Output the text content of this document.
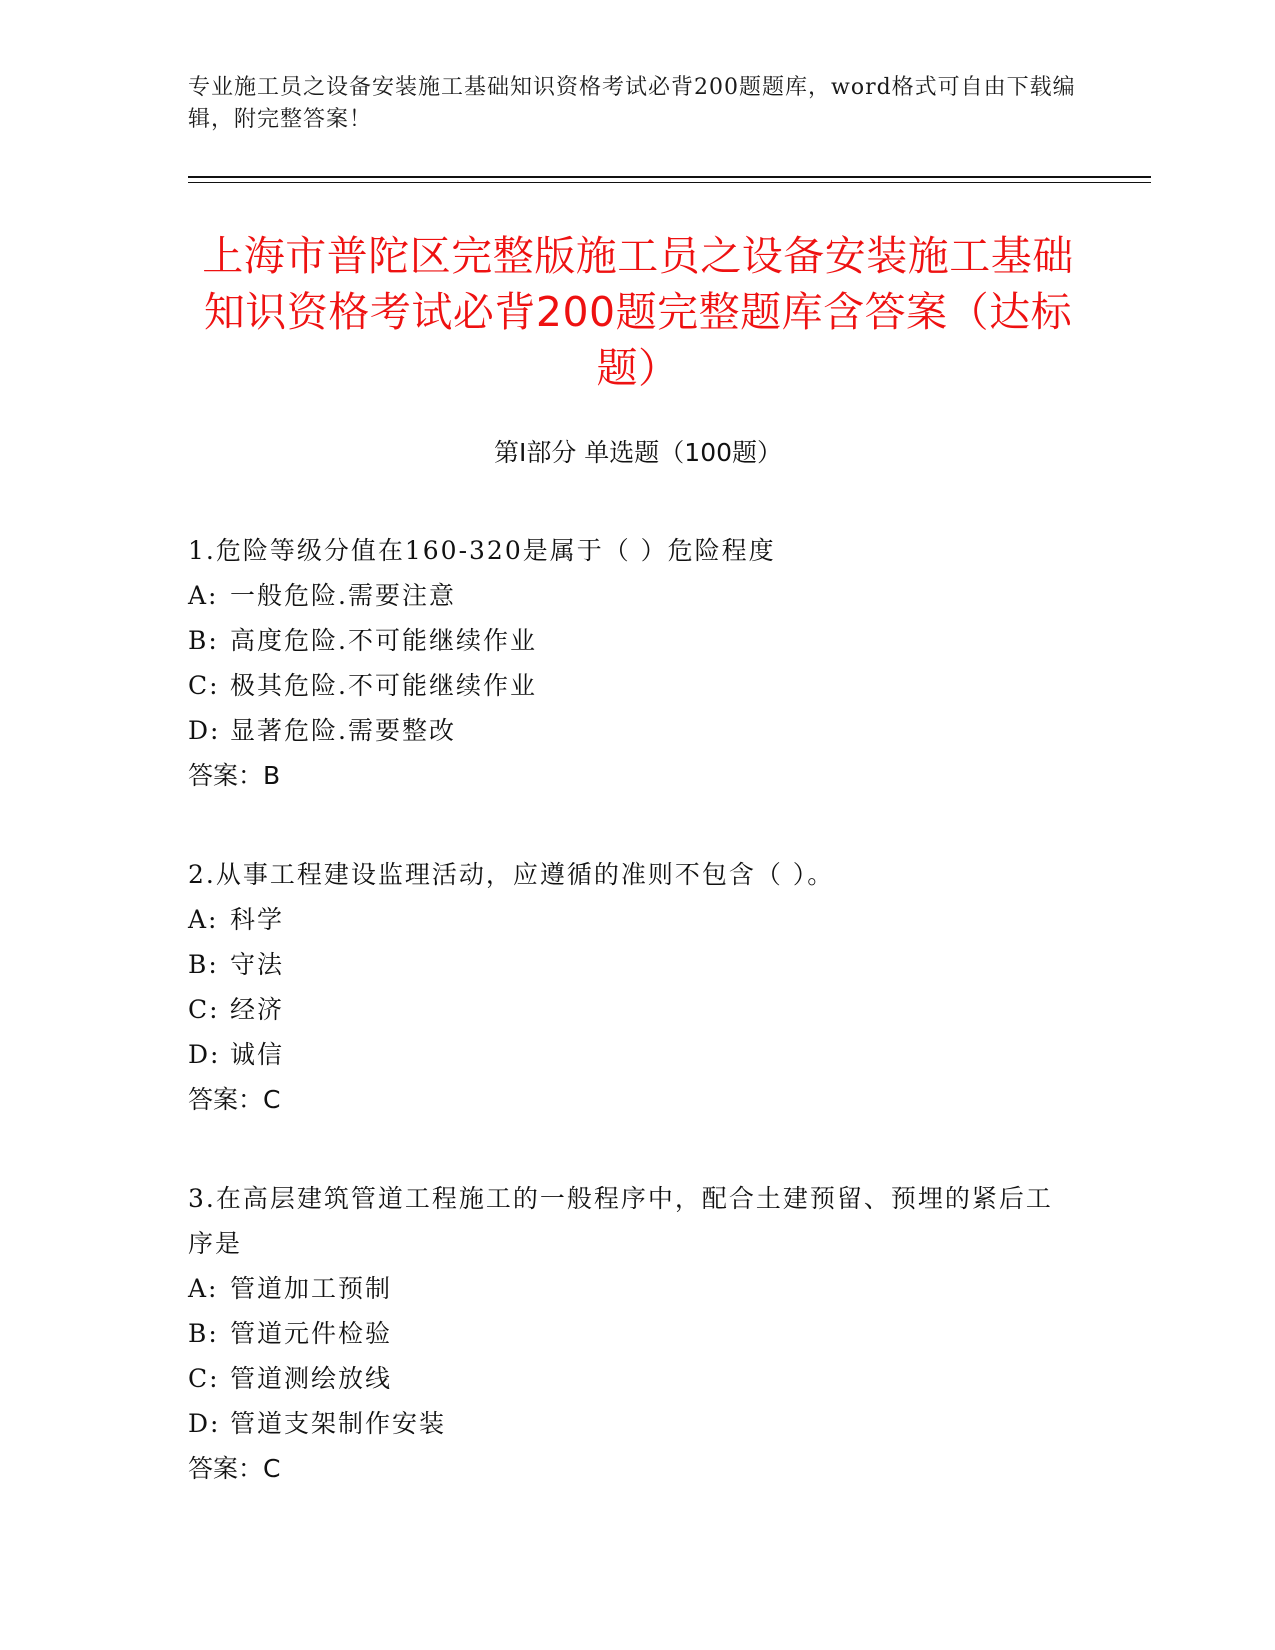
专业施工员之设备安装施工基础知识资格考试必背200题题库，word格式可自由下载编辑，附完整答案！
上海市普陀区完整版施工员之设备安装施工基础知识资格考试必背200题完整题库含答案（达标题）
第Ⅰ部分 单选题（100题）

1.危险等级分值在160-320是属于（ ）危险程度

A: 一般危险.需要注意

B: 高度危险.不可能继续作业

C: 极其危险.不可能继续作业

D: 显著危险.需要整改

答案：B

2.从事工程建设监理活动，应遵循的准则不包含（ ）。

A: 科学

B: 守法

C: 经济

D: 诚信

答案：C

3.在高层建筑管道工程施工的一般程序中，配合土建预留、预埋的紧后工序是

A: 管道加工预制

B: 管道元件检验

C: 管道测绘放线

D: 管道支架制作安装

答案：C
